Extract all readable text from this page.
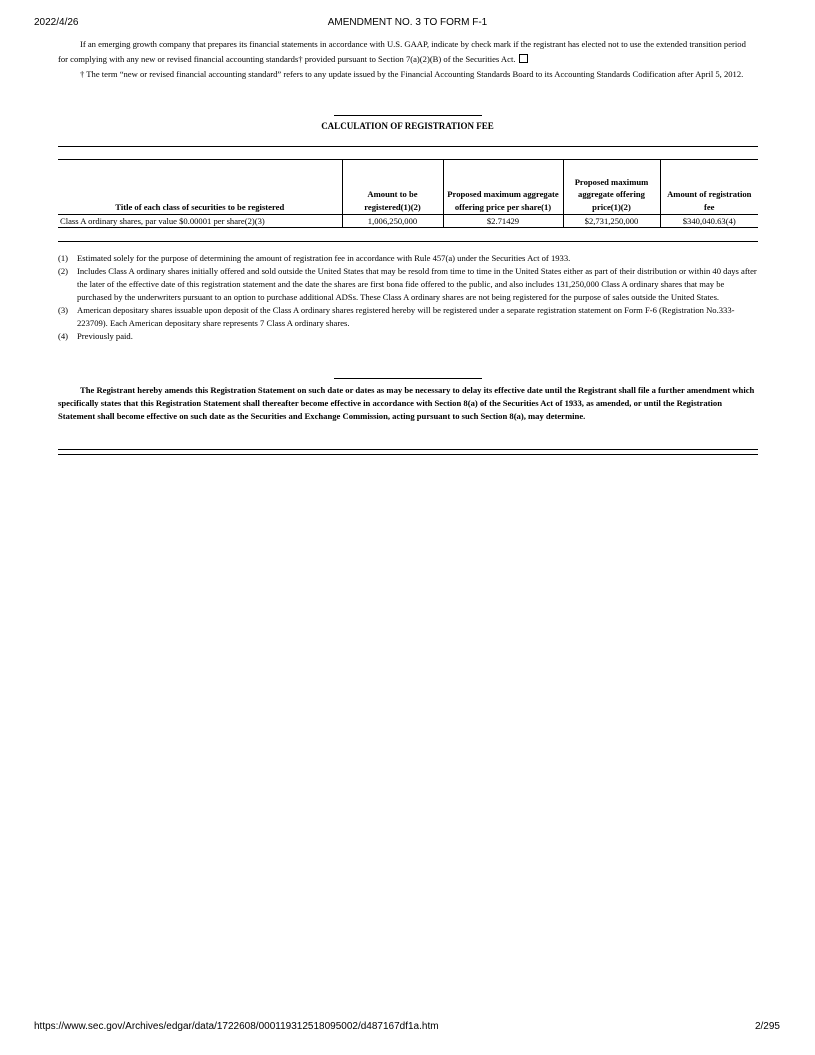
2022/4/26	AMENDMENT NO. 3 TO FORM F-1
If an emerging growth company that prepares its financial statements in accordance with U.S. GAAP, indicate by check mark if the registrant has elected not to use the extended transition period for complying with any new or revised financial accounting standards† provided pursuant to Section 7(a)(2)(B) of the Securities Act.
† The term “new or revised financial accounting standard” refers to any update issued by the Financial Accounting Standards Board to its Accounting Standards Codification after April 5, 2012.
CALCULATION OF REGISTRATION FEE
Title of each class of securities to be registered	Amount to be registered(1)(2)	Proposed maximum aggregate offering price per share(1)	Proposed maximum aggregate offering price(1)(2)	Amount of registration fee
Class A ordinary shares, par value $0.00001 per share(2)(3)	1,006,250,000	$2.71429	$2,731,250,000	$340,040.63(4)
(1) Estimated solely for the purpose of determining the amount of registration fee in accordance with Rule 457(a) under the Securities Act of 1933.
(2) Includes Class A ordinary shares initially offered and sold outside the United States that may be resold from time to time in the United States either as part of their distribution or within 40 days after the later of the effective date of this registration statement and the date the shares are first bona fide offered to the public, and also includes 131,250,000 Class A ordinary shares that may be purchased by the underwriters pursuant to an option to purchase additional ADSs. These Class A ordinary shares are not being registered for the purpose of sales outside the United States.
(3) American depositary shares issuable upon deposit of the Class A ordinary shares registered hereby will be registered under a separate registration statement on Form F-6 (Registration No.333-223709). Each American depositary share represents 7 Class A ordinary shares.
(4) Previously paid.
The Registrant hereby amends this Registration Statement on such date or dates as may be necessary to delay its effective date until the Registrant shall file a further amendment which specifically states that this Registration Statement shall thereafter become effective in accordance with Section 8(a) of the Securities Act of 1933, as amended, or until the Registration Statement shall become effective on such date as the Securities and Exchange Commission, acting pursuant to such Section 8(a), may determine.
https://www.sec.gov/Archives/edgar/data/1722608/000119312518095002/d487167df1a.htm	2/295
